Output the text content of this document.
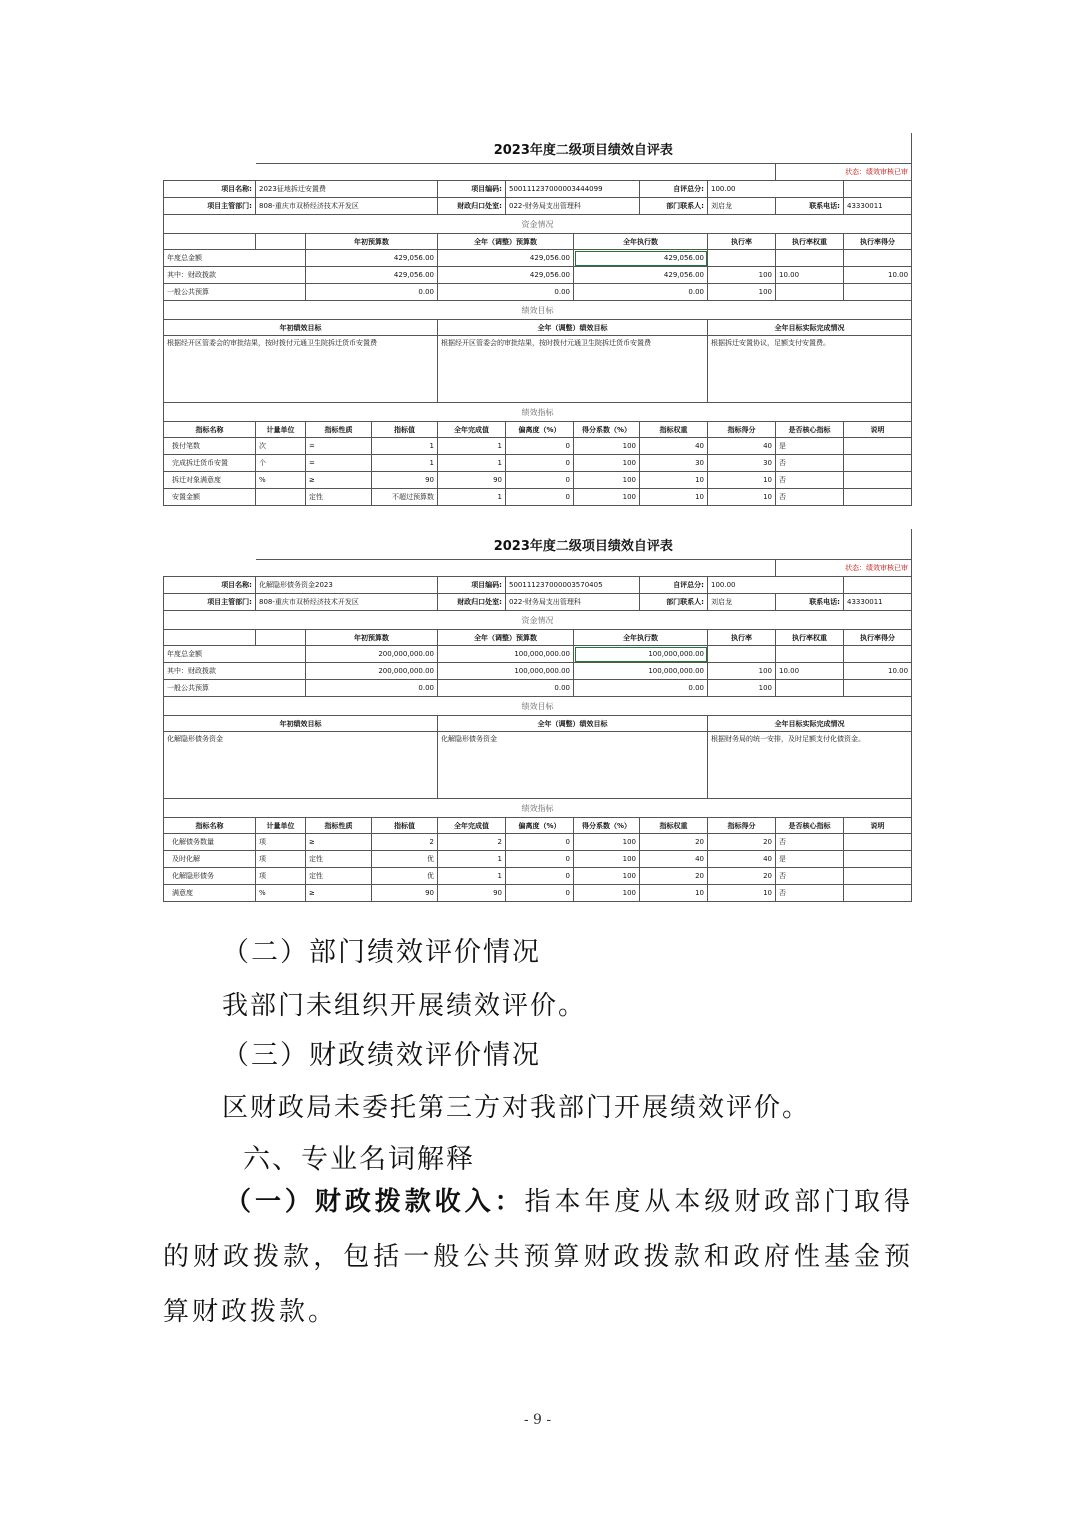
	2023年度二级项目绩效自评表									
									状态：绩效审核已审	
项目名称:	2023征地拆迁安置费			项目编码:	500111237000003444099		自评总分:	100.00		
项目主管部门:	808-重庆市双桥经济技术开发区			财政归口处室:	022-财务局支出管理科		部门联系人:	刘启龙	联系电话:	43330011
资金情况										
		年初预算数		全年（调整）预算数		全年执行数		执行率	执行率权重	执行率得分
年度总金额		429,056.00		429,056.00		429,056.00				
其中：财政拨款		429,056.00		429,056.00		429,056.00		100	10.00	10.00
一般公共预算		0.00		0.00		0.00		100		
绩效目标										
年初绩效目标				全年（调整）绩效目标				全年目标实际完成情况		
根据经开区管委会的审批结果，按时拨付元通卫生院拆迁货币安置费				根据经开区管委会的审批结果，按时拨付元通卫生院拆迁货币安置费				根据拆迁安置协议，足额支付安置费。		
绩效指标										
指标名称	计量单位	指标性质	指标值	全年完成值	偏离度（%）	得分系数（%）	指标权重	指标得分	是否核心指标	说明
拨付笔数	次	=	1	1	0	100	40	40	是	
完成拆迁货币安置	个	=	1	1	0	100	30	30	否	
拆迁对象满意度	%	≥	90	90	0	100	10	10	否	
安置金额		定性	不超过预算数	1	0	100	10	10	否	
	2023年度二级项目绩效自评表									
									状态：绩效审核已审	
项目名称:	化解隐形债务资金2023			项目编码:	500111237000003570405		自评总分:	100.00		
项目主管部门:	808-重庆市双桥经济技术开发区			财政归口处室:	022-财务局支出管理科		部门联系人:	刘启龙	联系电话:	43330011
资金情况										
		年初预算数		全年（调整）预算数		全年执行数		执行率	执行率权重	执行率得分
年度总金额		200,000,000.00		100,000,000.00		100,000,000.00				
其中：财政拨款		200,000,000.00		100,000,000.00		100,000,000.00		100	10.00	10.00
一般公共预算		0.00		0.00		0.00		100		
绩效目标										
年初绩效目标				全年（调整）绩效目标				全年目标实际完成情况		
化解隐形债务资金				化解隐形债务资金				根据财务局的统一安排，及时足额支付化债资金。		
绩效指标										
指标名称	计量单位	指标性质	指标值	全年完成值	偏离度（%）	得分系数（%）	指标权重	指标得分	是否核心指标	说明
化解债务数量	项	≥	2	2	0	100	20	20	否	
及时化解	项	定性	优	1	0	100	40	40	是	
化解隐形债务	项	定性	优	1	0	100	20	20	否	
满意度	%	≥	90	90	0	100	10	10	否	
（二）部门绩效评价情况
我部门未组织开展绩效评价。
（三）财政绩效评价情况
区财政局未委托第三方对我部门开展绩效评价。
六、专业名词解释
（一）财政拨款收入：指本年度从本级财政部门取得的财政拨款，包括一般公共预算财政拨款和政府性基金预算财政拨款。
- 9 -
